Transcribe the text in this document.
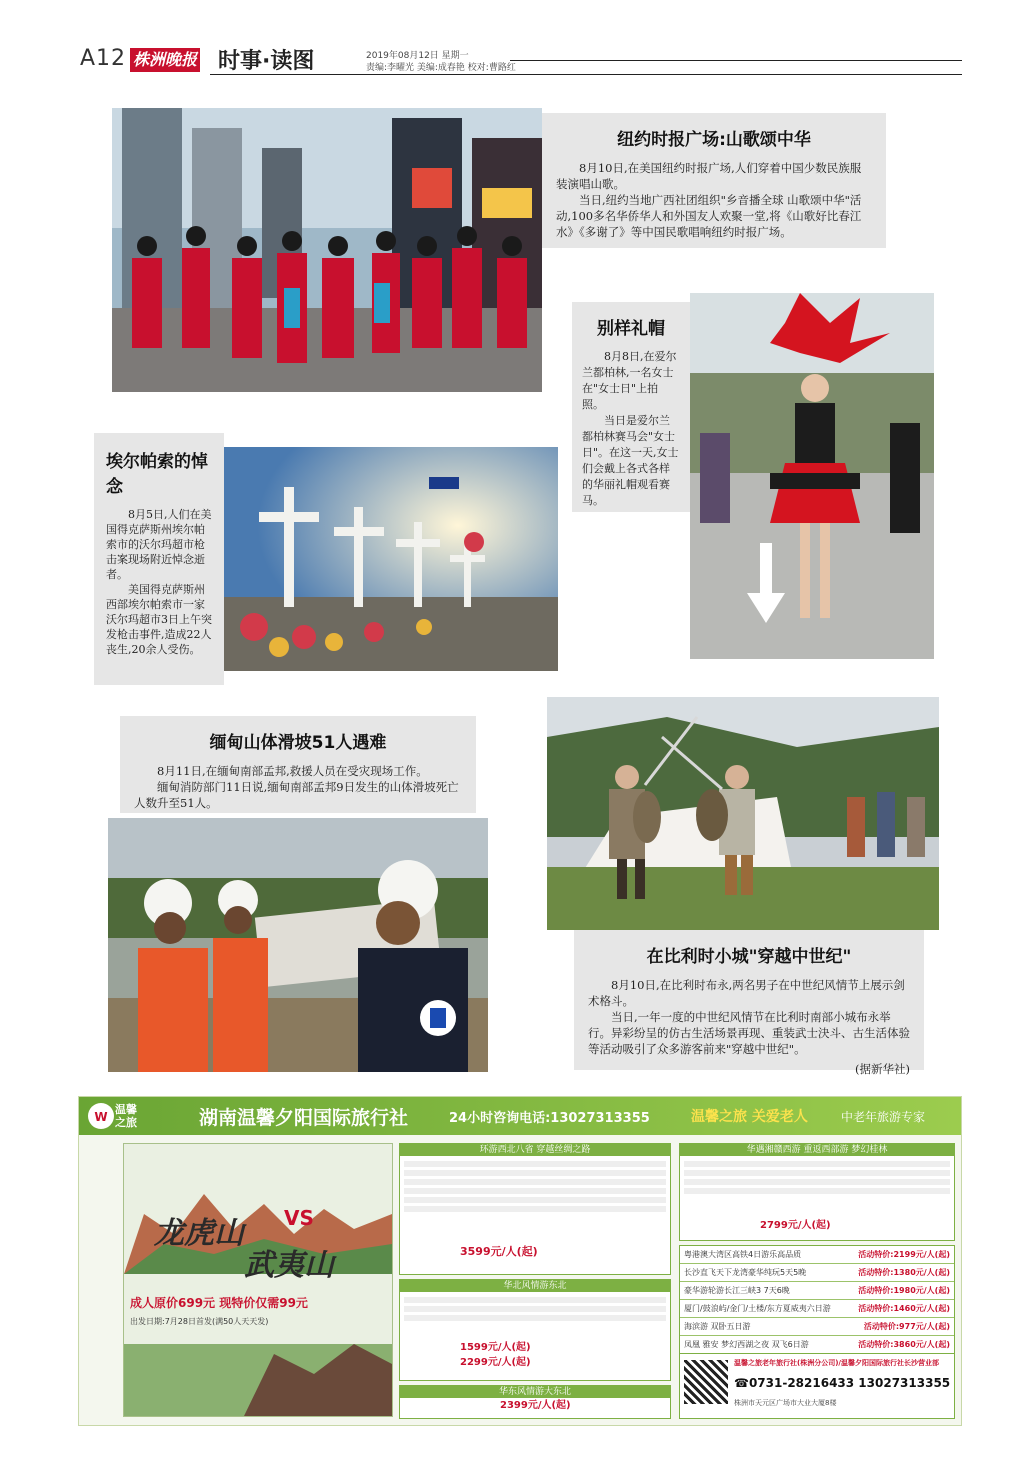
A12 株洲晚报 时事·读图	2019年08月12日 星期一
责编:李曜光 美编:成春艳 校对:曹路红
纽约时报广场:山歌颂中华

8月10日,在美国纽约时报广场,人们穿着中国少数民族服装演唱山歌。

当日,纽约当地广西社团组织"乡音播全球 山歌颂中华"活动,100多名华侨华人和外国友人欢聚一堂,将《山歌好比春江水》《多谢了》等中国民歌唱响纽约时报广场。

别样礼帽

8月8日,在爱尔兰都柏林,一名女士在"女士日"上拍照。

当日是爱尔兰都柏林赛马会"女士日"。在这一天,女士们会戴上各式各样的华丽礼帽观看赛马。

埃尔帕索的悼念

8月5日,人们在美国得克萨斯州埃尔帕索市的沃尔玛超市枪击案现场附近悼念逝者。

美国得克萨斯州西部埃尔帕索市一家沃尔玛超市3日上午突发枪击事件,造成22人丧生,20余人受伤。

缅甸山体滑坡51人遇难

8月11日,在缅甸南部孟邦,救援人员在受灾现场工作。

缅甸消防部门11日说,缅甸南部孟邦9日发生的山体滑坡死亡人数升至51人。

在比利时小城"穿越中世纪"

8月10日,在比利时布永,两名男子在中世纪风情节上展示剑术格斗。

当日,一年一度的中世纪风情节在比利时南部小城布永举行。异彩纷呈的仿古生活场景再现、重装武士決斗、古生活体验等活动吸引了众多游客前来"穿越中世纪"。

(据新华社)
W
温馨之旅	湖南温馨夕阳国际旅行社	24小时咨询电话:13027313355	温馨之旅 关爱老人	中老年旅游专家
龙虎山 VS
武夷山
成人原价699元 现特价仅需99元
出发日期:7月28日首发(满50人天天发)
环游西北八省 穿越丝绸之路
3599元/人(起)
华北风情游东北
1599元/人(起)
2299元/人(起)
华东风情游大东北
2399元/人(起)
华遇湘赣西游 重返西部游 梦幻桂林
2799元/人(起)
粤港澳大湾区高铁4日游乐高品质	活动特价:2199元/人(起)
长沙直飞天下龙湾豪华纯玩5天5晚	活动特价:1380元/人(起)
豪华游轮游长江三峡3 7天6晚	活动特价:1980元/人(起)
厦门/鼓浪屿/金门/土楼/东方夏威夷六日游	活动特价:1460元/人(起)
海滨游 双卧五日游	活动特价:977元/人(起)
凤凰 雅安 梦幻西湖之夜 双飞6日游	活动特价:3860元/人(起)
温馨之旅老年旅行社(株洲分公司)/温馨夕阳国际旅行社长沙营业部
☎0731-28216433 13027313355
株洲市天元区广场市大业大厦8楼
